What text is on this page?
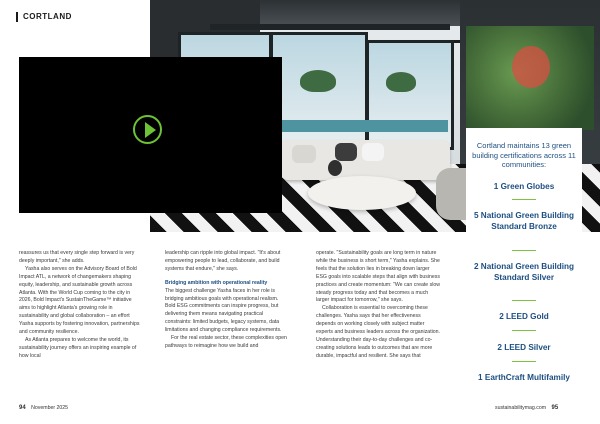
CORTLAND
Cortland maintains 13 green building certifications across 11 communities:
1 Green Globes
5 National Green Building Standard Bronze
2 National Green Building Standard Silver
2 LEED Gold
2 LEED Silver
1 EarthCraft Multifamily

reassures us that every single step forward is very deeply important," she adds.

Yasha also serves on the Advisory Board of Bold Impact ATL, a network of changemakers shaping equity, leadership, and sustainable growth across Atlanta. With the World Cup coming to the city in 2026, Bold Impact's SustainTheGame™ initiative aims to highlight Atlanta's growing role in sustainability and global collaboration – an effort Yasha supports by fostering innovation, partnerships and community resilience.

As Atlanta prepares to welcome the world, its sustainability journey offers an inspiring example of how local

leadership can ripple into global impact. "It's about empowering people to lead, collaborate, and build systems that endure," she says.

Bridging ambition with operational reality

The biggest challenge Yasha faces in her role is bridging ambitious goals with operational realism. Bold ESG commitments can inspire progress, but delivering them means navigating practical constraints: limited budgets, legacy systems, data limitations and changing compliance requirements.

For the real estate sector, these complexities open pathways to reimagine how we build and

operate. "Sustainability goals are long term in nature while the business is short term," Yasha explains. She feels that the solution lies in breaking down larger ESG goals into scalable steps that align with business practices and create momentum: "We can create slow steady progress today and that becomes a much larger impact for tomorrow," she says.

Collaboration is essential to overcoming these challenges. Yasha says that her effectiveness depends on working closely with subject matter experts and business leaders across the organization. Understanding their day-to-day challenges and co-creating solutions leads to outcomes that are more durable, impactful and resilient. She says that

94 November 2025	sustainabilitymag.com 95
